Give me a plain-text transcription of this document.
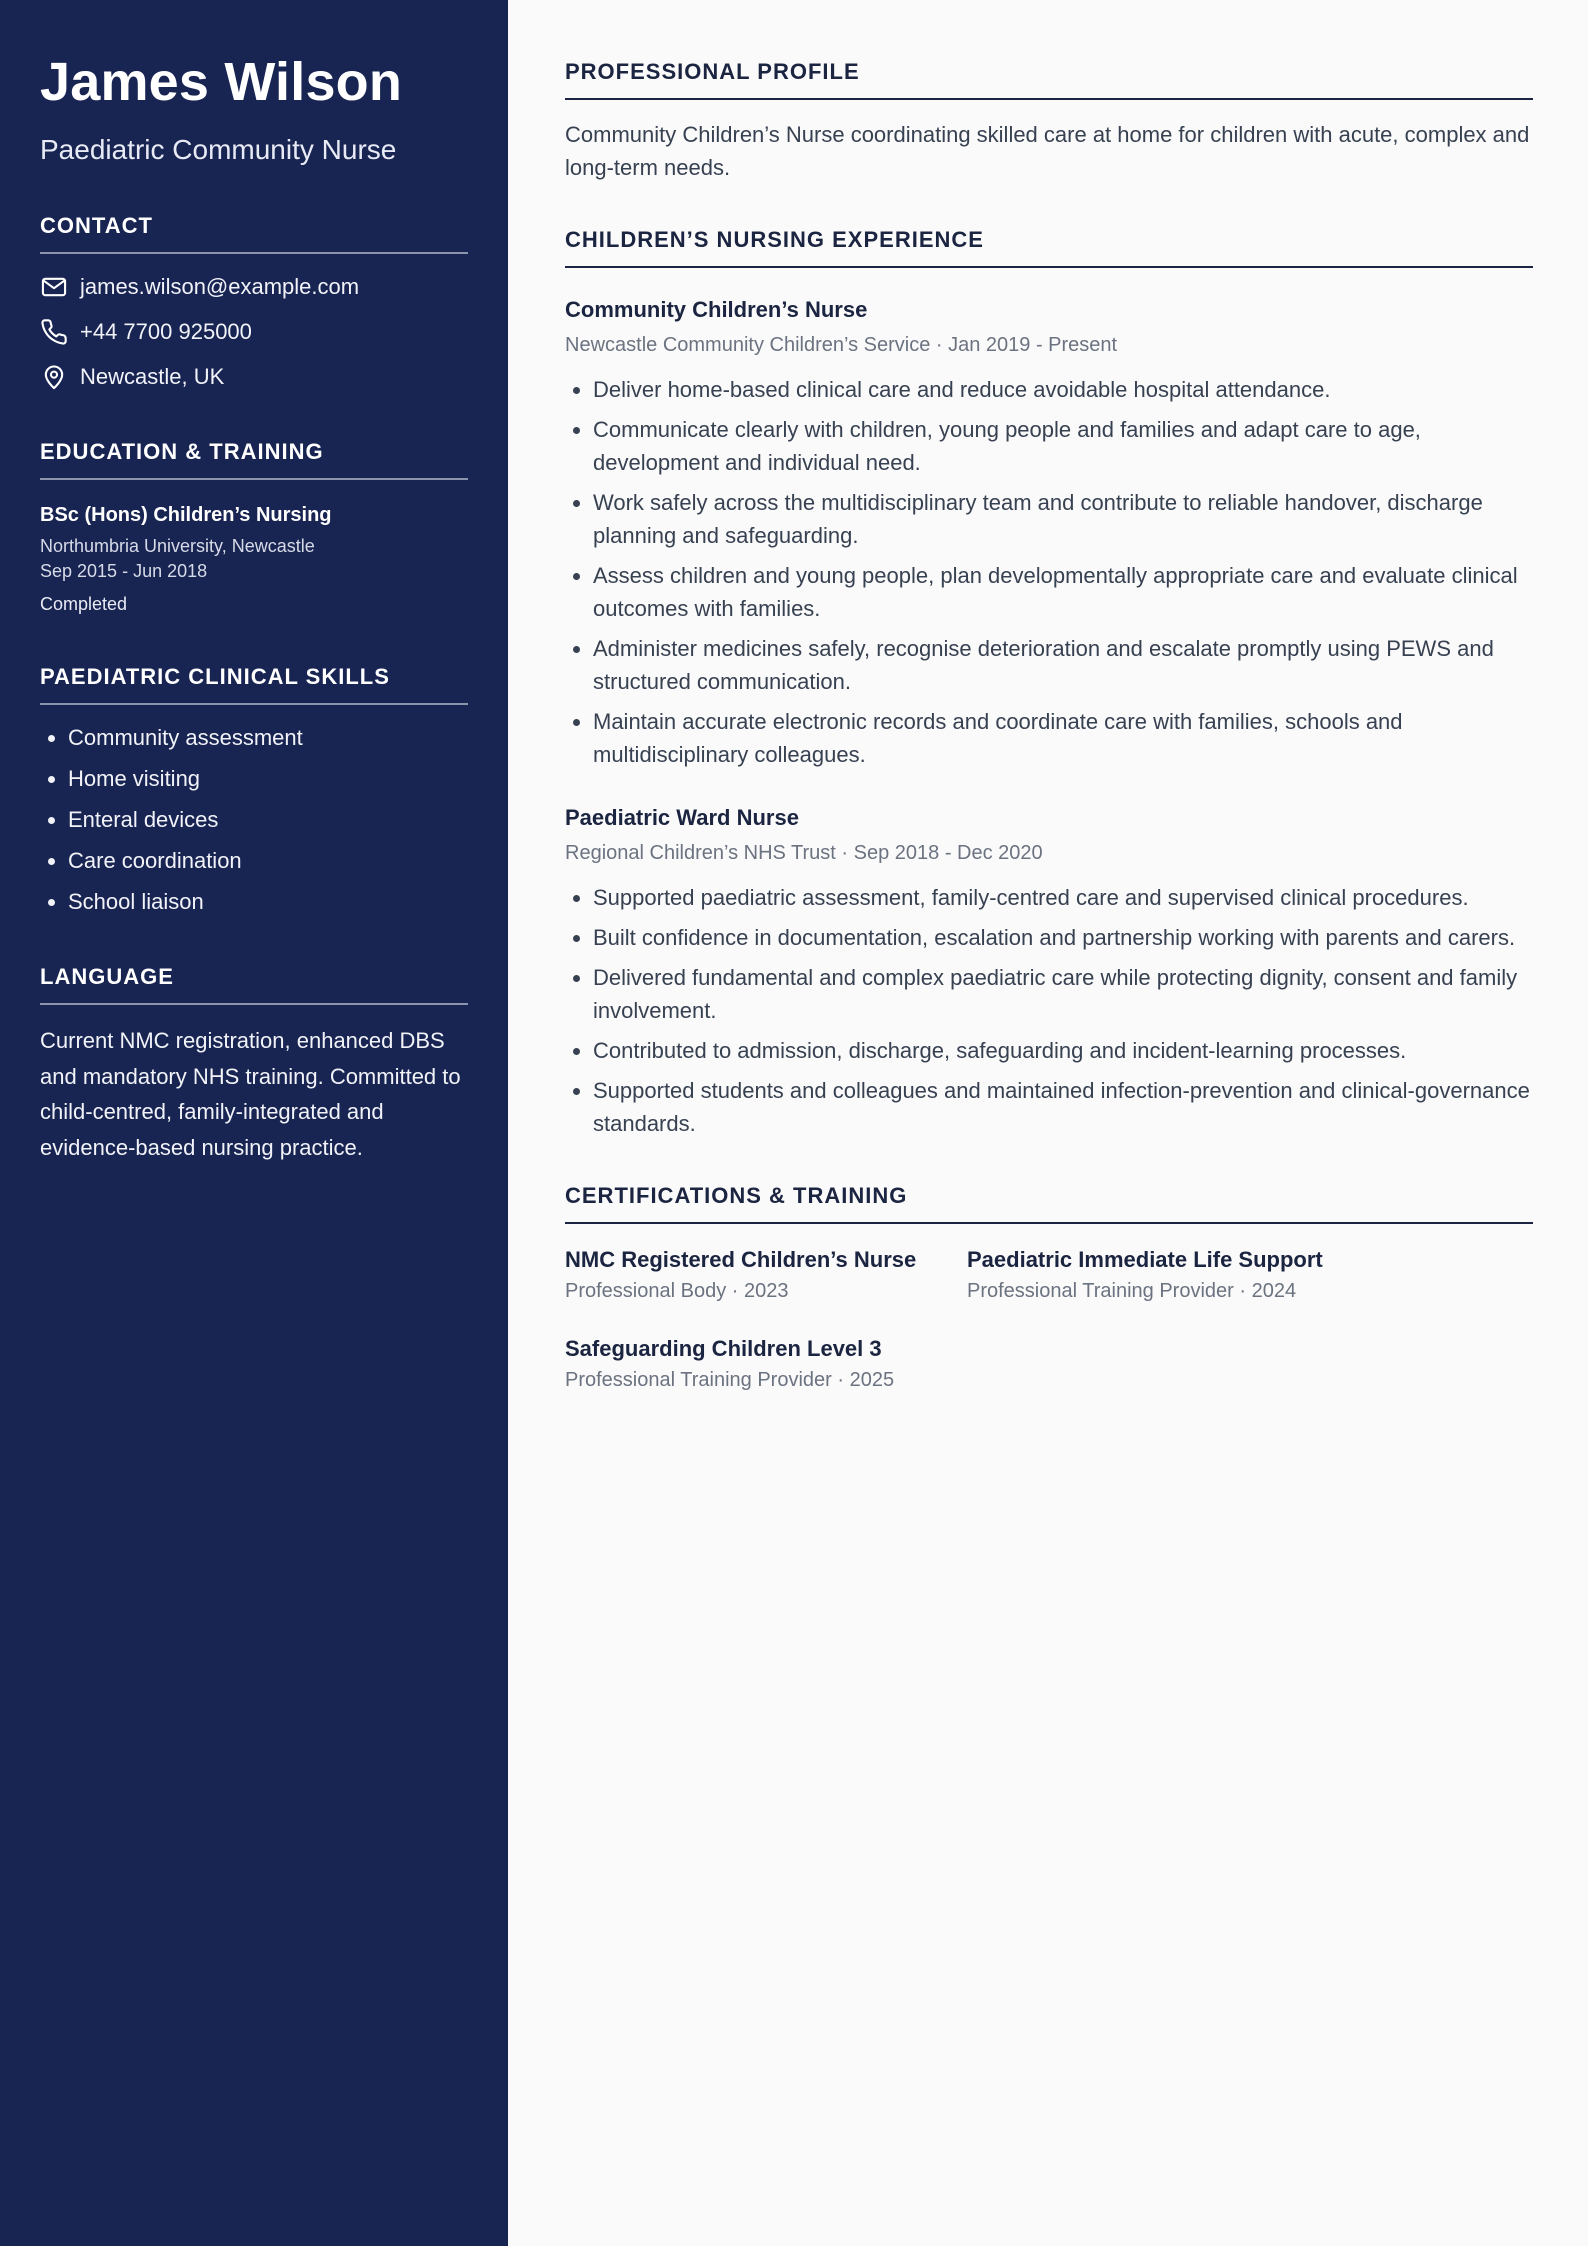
James Wilson
Paediatric Community Nurse
CONTACT
james.wilson@example.com
+44 7700 925000
Newcastle, UK
EDUCATION & TRAINING
BSc (Hons) Children’s Nursing
Northumbria University, Newcastle
Sep 2015 - Jun 2018
Completed
PAEDIATRIC CLINICAL SKILLS
• Community assessment
• Home visiting
• Enteral devices
• Care coordination
• School liaison
LANGUAGE

Current NMC registration, enhanced DBS and mandatory NHS training. Committed to child-centred, family-integrated and evidence-based nursing practice.

PROFESSIONAL PROFILE

Community Children’s Nurse coordinating skilled care at home for children with acute, complex and long-term needs.

CHILDREN’S NURSING EXPERIENCE
Community Children’s Nurse
Newcastle Community Children’s Service · Jan 2019 - Present
• Deliver home-based clinical care and reduce avoidable hospital attendance.
• Communicate clearly with children, young people and families and adapt care to age, development and individual need.
• Work safely across the multidisciplinary team and contribute to reliable handover, discharge planning and safeguarding.
• Assess children and young people, plan developmentally appropriate care and evaluate clinical outcomes with families.
• Administer medicines safely, recognise deterioration and escalate promptly using PEWS and structured communication.
• Maintain accurate electronic records and coordinate care with families, schools and multidisciplinary colleagues.
Paediatric Ward Nurse
Regional Children’s NHS Trust · Sep 2018 - Dec 2020
• Supported paediatric assessment, family-centred care and supervised clinical procedures.
• Built confidence in documentation, escalation and partnership working with parents and carers.
• Delivered fundamental and complex paediatric care while protecting dignity, consent and family involvement.
• Contributed to admission, discharge, safeguarding and incident-learning processes.
• Supported students and colleagues and maintained infection-prevention and clinical-governance standards.
CERTIFICATIONS & TRAINING
NMC Registered Children’s Nurse
Professional Body · 2023
Paediatric Immediate Life Support
Professional Training Provider · 2024
Safeguarding Children Level 3
Professional Training Provider · 2025
